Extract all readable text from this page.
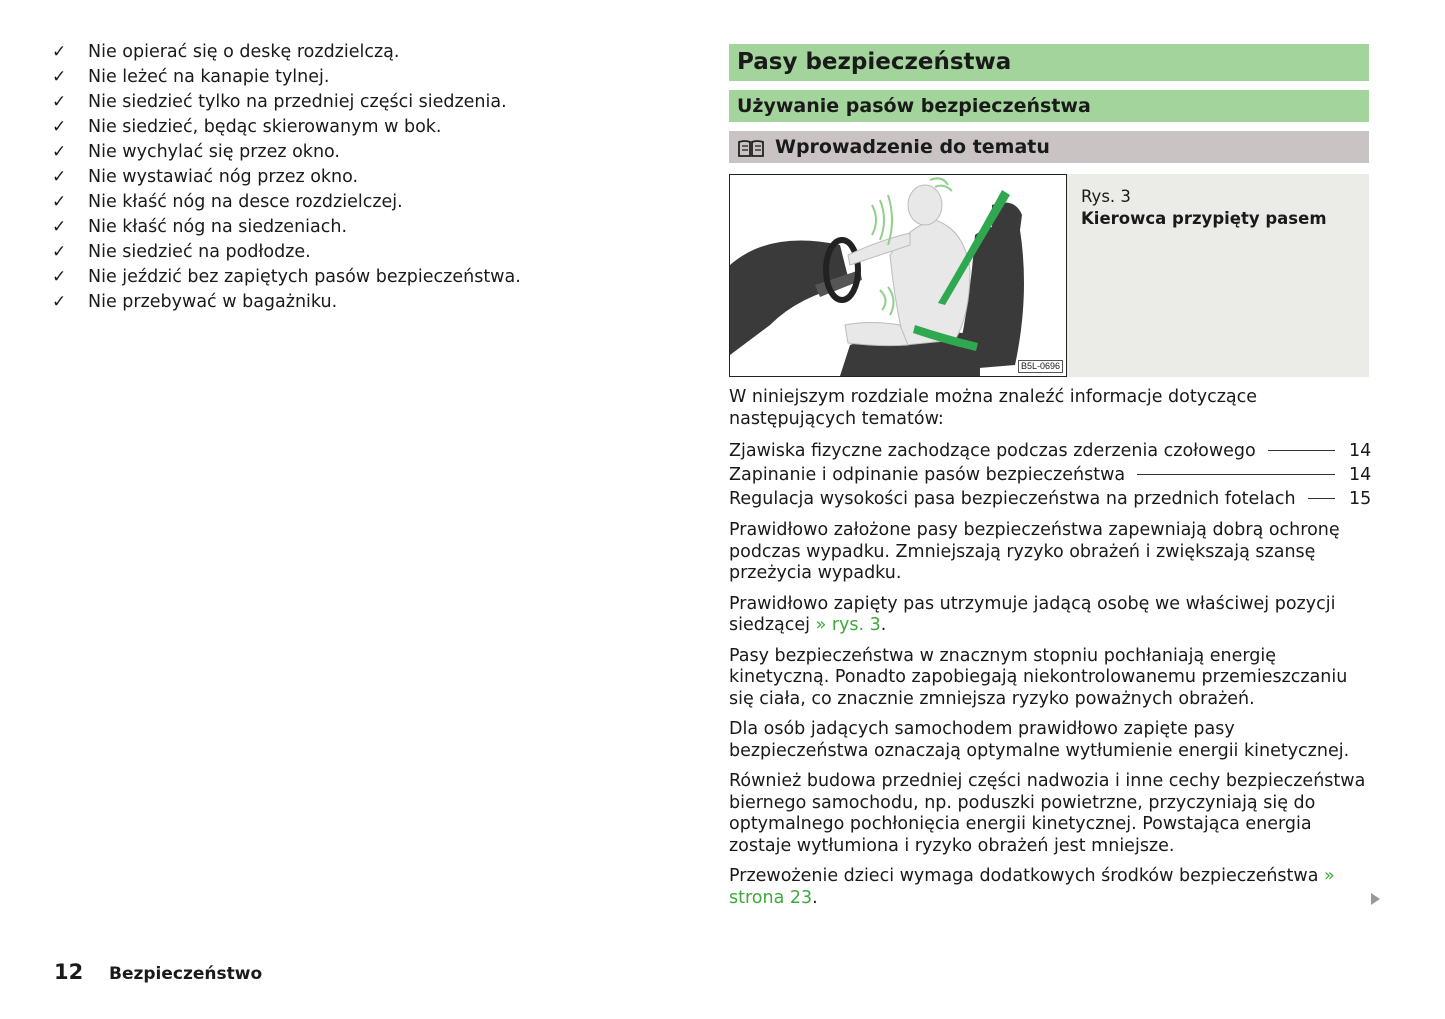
✓	Nie opierać się o deskę rozdzielczą.
✓	Nie leżeć na kanapie tylnej.
✓	Nie siedzieć tylko na przedniej części siedzenia.
✓	Nie siedzieć, będąc skierowanym w bok.
✓	Nie wychylać się przez okno.
✓	Nie wystawiać nóg przez okno.
✓	Nie kłaść nóg na desce rozdzielczej.
✓	Nie kłaść nóg na siedzeniach.
✓	Nie siedzieć na podłodze.
✓	Nie jeździć bez zapiętych pasów bezpieczeństwa.
✓	Nie przebywać w bagażniku.
Pasy bezpieczeństwa
Używanie pasów bezpieczeństwa
Wprowadzenie do tematu
B5L-0696
Rys. 3
Kierowca przypięty pasem

W niniejszym rozdziale można znaleźć informacje dotyczące następujących tematów:

Zjawiska fizyczne zachodzące podczas zderzenia czołowego	14
Zapinanie i odpinanie pasów bezpieczeństwa	14
Regulacja wysokości pasa bezpieczeństwa na przednich fotelach	15

Prawidłowo założone pasy bezpieczeństwa zapewniają dobrą ochronę podczas wypadku. Zmniejszają ryzyko obrażeń i zwiększają szansę przeżycia wypadku.

Prawidłowo zapięty pas utrzymuje jadącą osobę we właściwej pozycji siedzącej » rys. 3.

Pasy bezpieczeństwa w znacznym stopniu pochłaniają energię kinetyczną. Ponadto zapobiegają niekontrolowanemu przemieszczaniu się ciała, co znacznie zmniejsza ryzyko poważnych obrażeń.

Dla osób jadących samochodem prawidłowo zapięte pasy bezpieczeństwa oznaczają optymalne wytłumienie energii kinetycznej.

Również budowa przedniej części nadwozia i inne cechy bezpieczeństwa biernego samochodu, np. poduszki powietrzne, przyczyniają się do optymalnego pochłonięcia energii kinetycznej. Powstająca energia zostaje wytłumiona i ryzyko obrażeń jest mniejsze.

Przewożenie dzieci wymaga dodatkowych środków bezpieczeństwa » strona 23.

12	Bezpieczeństwo
